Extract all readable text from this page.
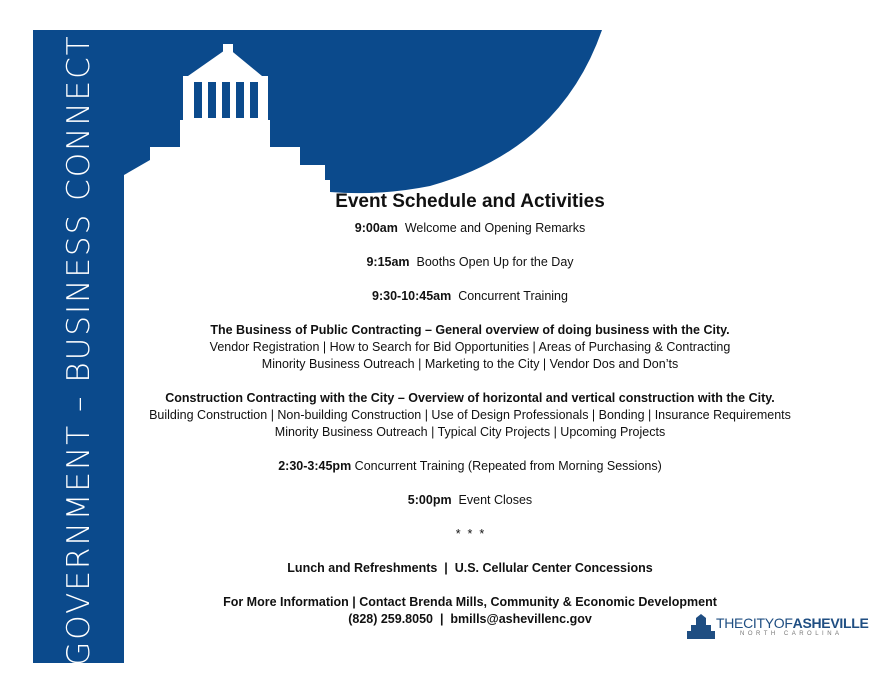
GOVERNMENT – BUSINESS CONNECT	Event Schedule and Activities

9:00am Welcome and Opening Remarks

9:15am Booths Open Up for the Day

9:30-10:45am Concurrent Training

The Business of Public Contracting – General overview of doing business with the City.
Vendor Registration | How to Search for Bid Opportunities | Areas of Purchasing & Contracting
Minority Business Outreach | Marketing to the City | Vendor Dos and Don’ts
Construction Contracting with the City – Overview of horizontal and vertical construction with the City.
Building Construction | Non-building Construction | Use of Design Professionals | Bonding | Insurance Requirements
Minority Business Outreach | Typical City Projects | Upcoming Projects

2:30-3:45pm Concurrent Training (Repeated from Morning Sessions)

5:00pm Event Closes

*  *  *
Lunch and Refreshments  |  U.S. Cellular Center Concessions
For More Information | Contact Brenda Mills, Community & Economic Development
(828) 259.8050  |  bmills@ashevillenc.gov	THECITYOFASHEVILLE
NORTH CAROLINA
